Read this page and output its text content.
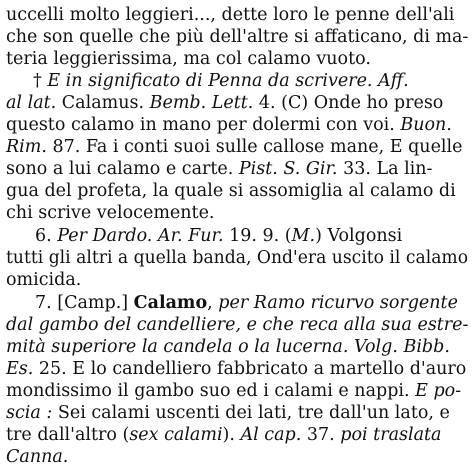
uccelli molto leggieri..., dette loro le penne dell'ali
che son quelle che più dell'altre si affaticano, di ma-
teria leggierissima, ma col calamo vuoto.
† E in significato di Penna da scrivere. Aff.
al lat. Calamus. Bemb. Lett. 4. (C) Onde ho preso
questo calamo in mano per dolermi con voi. Buon.
Rim. 87. Fa i conti suoi sulle callose mane, E quelle
sono a lui calamo e carte. Pist. S. Gir. 33. La lin-
gua del profeta, la quale si assomiglia al calamo di
chi scrive velocemente.
6. Per Dardo. Ar. Fur. 19. 9. (M.) Volgonsi
tutti gli altri a quella banda, Ond'era uscito il calamo
omicida.
7. [Camp.] Calamo, per Ramo ricurvo sorgente
dal gambo del candelliere, e che reca alla sua estre-
mità superiore la candela o la lucerna. Volg. Bibb.
Es. 25. E lo candelliero fabbricato a martello d'auro
mondissimo il gambo suo ed i calami e nappi. E po-
scia : Sei calami uscenti dei lati, tre dall'un lato, e
tre dall'altro (sex calami). Al cap. 37. poi traslata
Canna.
